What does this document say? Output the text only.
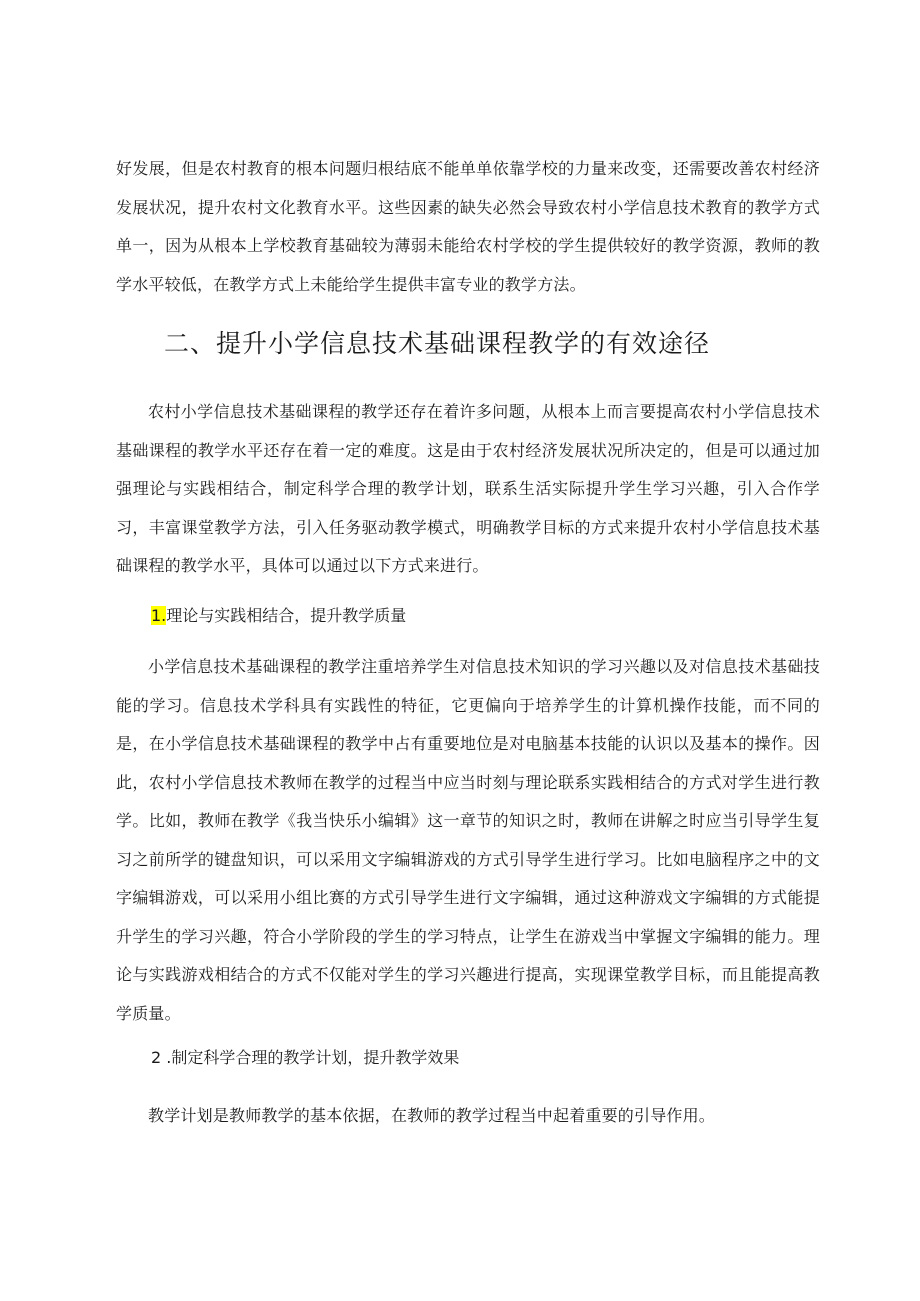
好发展，但是农村教育的根本问题归根结底不能单单依靠学校的力量来改变，还需要改善农村经济发展状况，提升农村文化教育水平。这些因素的缺失必然会导致农村小学信息技术教育的教学方式单一，因为从根本上学校教育基础较为薄弱未能给农村学校的学生提供较好的教学资源，教师的教学水平较低，在教学方式上未能给学生提供丰富专业的教学方法。

二、提升小学信息技术基础课程教学的有效途径

农村小学信息技术基础课程的教学还存在着许多问题，从根本上而言要提高农村小学信息技术基础课程的教学水平还存在着一定的难度。这是由于农村经济发展状况所决定的，但是可以通过加强理论与实践相结合，制定科学合理的教学计划，联系生活实际提升学生学习兴趣，引入合作学习，丰富课堂教学方法，引入任务驱动教学模式，明确教学目标的方式来提升农村小学信息技术基础课程的教学水平，具体可以通过以下方式来进行。

1.理论与实践相结合，提升教学质量

小学信息技术基础课程的教学注重培养学生对信息技术知识的学习兴趣以及对信息技术基础技能的学习。信息技术学科具有实践性的特征，它更偏向于培养学生的计算机操作技能，而不同的是，在小学信息技术基础课程的教学中占有重要地位是对电脑基本技能的认识以及基本的操作。因此，农村小学信息技术教师在教学的过程当中应当时刻与理论联系实践相结合的方式对学生进行教学。比如，教师在教学《我当快乐小编辑》这一章节的知识之时，教师在讲解之时应当引导学生复习之前所学的键盘知识，可以采用文字编辑游戏的方式引导学生进行学习。比如电脑程序之中的文字编辑游戏，可以采用小组比赛的方式引导学生进行文字编辑，通过这种游戏文字编辑的方式能提升学生的学习兴趣，符合小学阶段的学生的学习特点，让学生在游戏当中掌握文字编辑的能力。理论与实践游戏相结合的方式不仅能对学生的学习兴趣进行提高，实现课堂教学目标，而且能提高教学质量。

2 .制定科学合理的教学计划，提升教学效果

教学计划是教师教学的基本依据，在教师的教学过程当中起着重要的引导作用。
